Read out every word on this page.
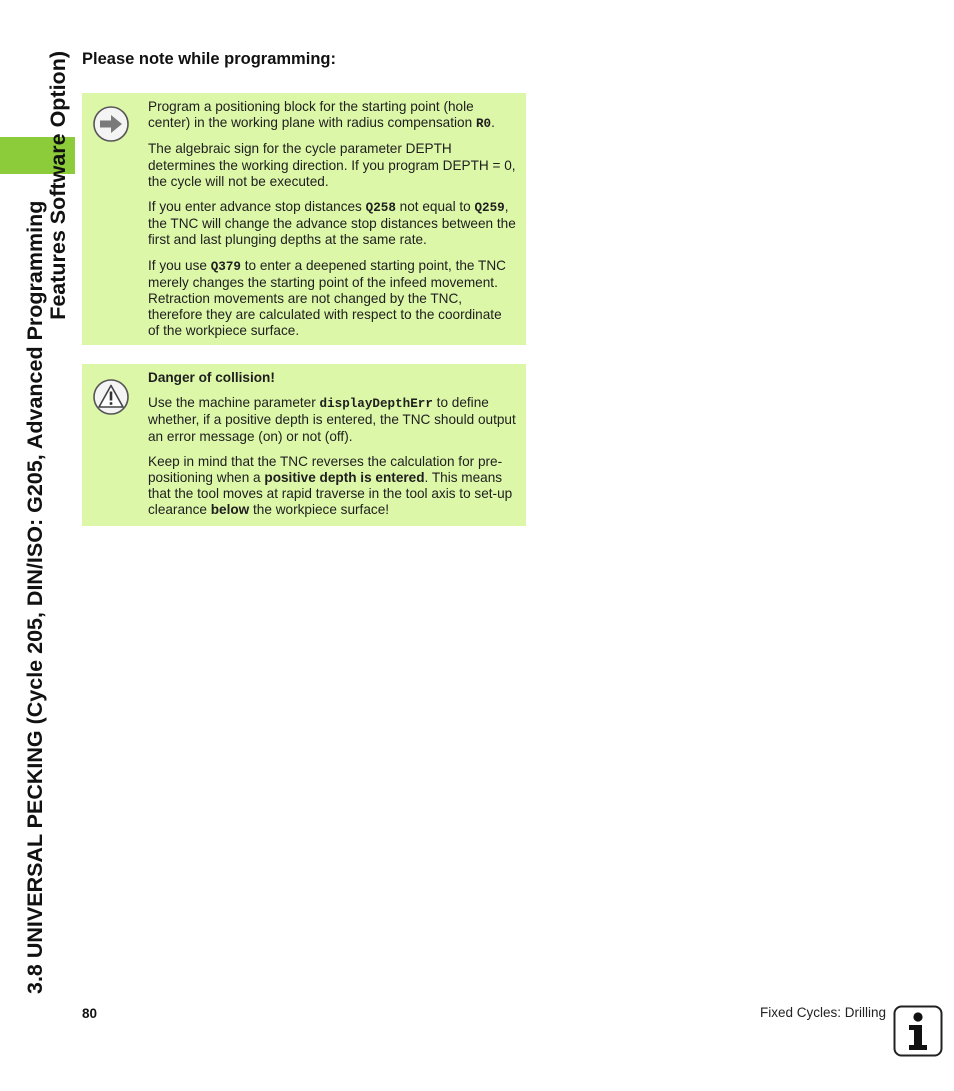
3.8 UNIVERSAL PECKING (Cycle 205, DIN/ISO: G205, Advanced Programming
Features Software Option) Please note while programming:

Program a positioning block for the starting point (hole center) in the working plane with radius compensation R0.

The algebraic sign for the cycle parameter DEPTH determines the working direction. If you program DEPTH = 0, the cycle will not be executed.

If you enter advance stop distances Q258 not equal to Q259, the TNC will change the advance stop distances between the first and last plunging depths at the same rate.

If you use Q379 to enter a deepened starting point, the TNC merely changes the starting point of the infeed movement. Retraction movements are not changed by the TNC, therefore they are calculated with respect to the coordinate of the workpiece surface.

Danger of collision!

Use the machine parameter displayDepthErr to define whether, if a positive depth is entered, the TNC should output an error message (on) or not (off).

Keep in mind that the TNC reverses the calculation for pre-positioning when a positive depth is entered. This means that the tool moves at rapid traverse in the tool axis to set-up clearance below the workpiece surface!

80	Fixed Cycles: Drilling
